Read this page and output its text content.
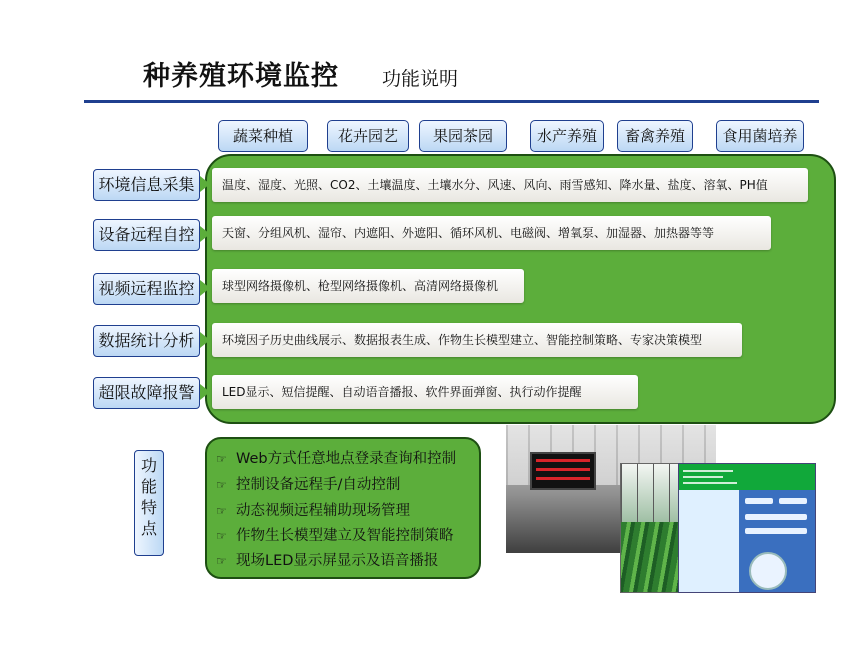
种养殖环境监控 功能说明
蔬菜种植	花卉园艺	果园茶园	水产养殖	畜禽养殖	食用菌培养
环境信息采集	温度、湿度、光照、CO2、土壤温度、土壤水分、风速、风向、雨雪感知、降水量、盐度、溶氧、PH值
设备远程自控	天窗、分组风机、湿帘、内遮阳、外遮阳、循环风机、电磁阀、增氧泵、加湿器、加热器等等
视频远程监控	球型网络摄像机、枪型网络摄像机、高清网络摄像机
数据统计分析	环境因子历史曲线展示、数据报表生成、作物生长模型建立、智能控制策略、专家决策模型
超限故障报警	LED显示、短信提醒、自动语音播报、软件界面弹窗、执行动作提醒
功
能
特
点
☞ Web方式任意地点登录查询和控制
☞ 控制设备远程手/自动控制
☞ 动态视频远程辅助现场管理
☞ 作物生长模型建立及智能控制策略
☞ 现场LED显示屏显示及语音播报
